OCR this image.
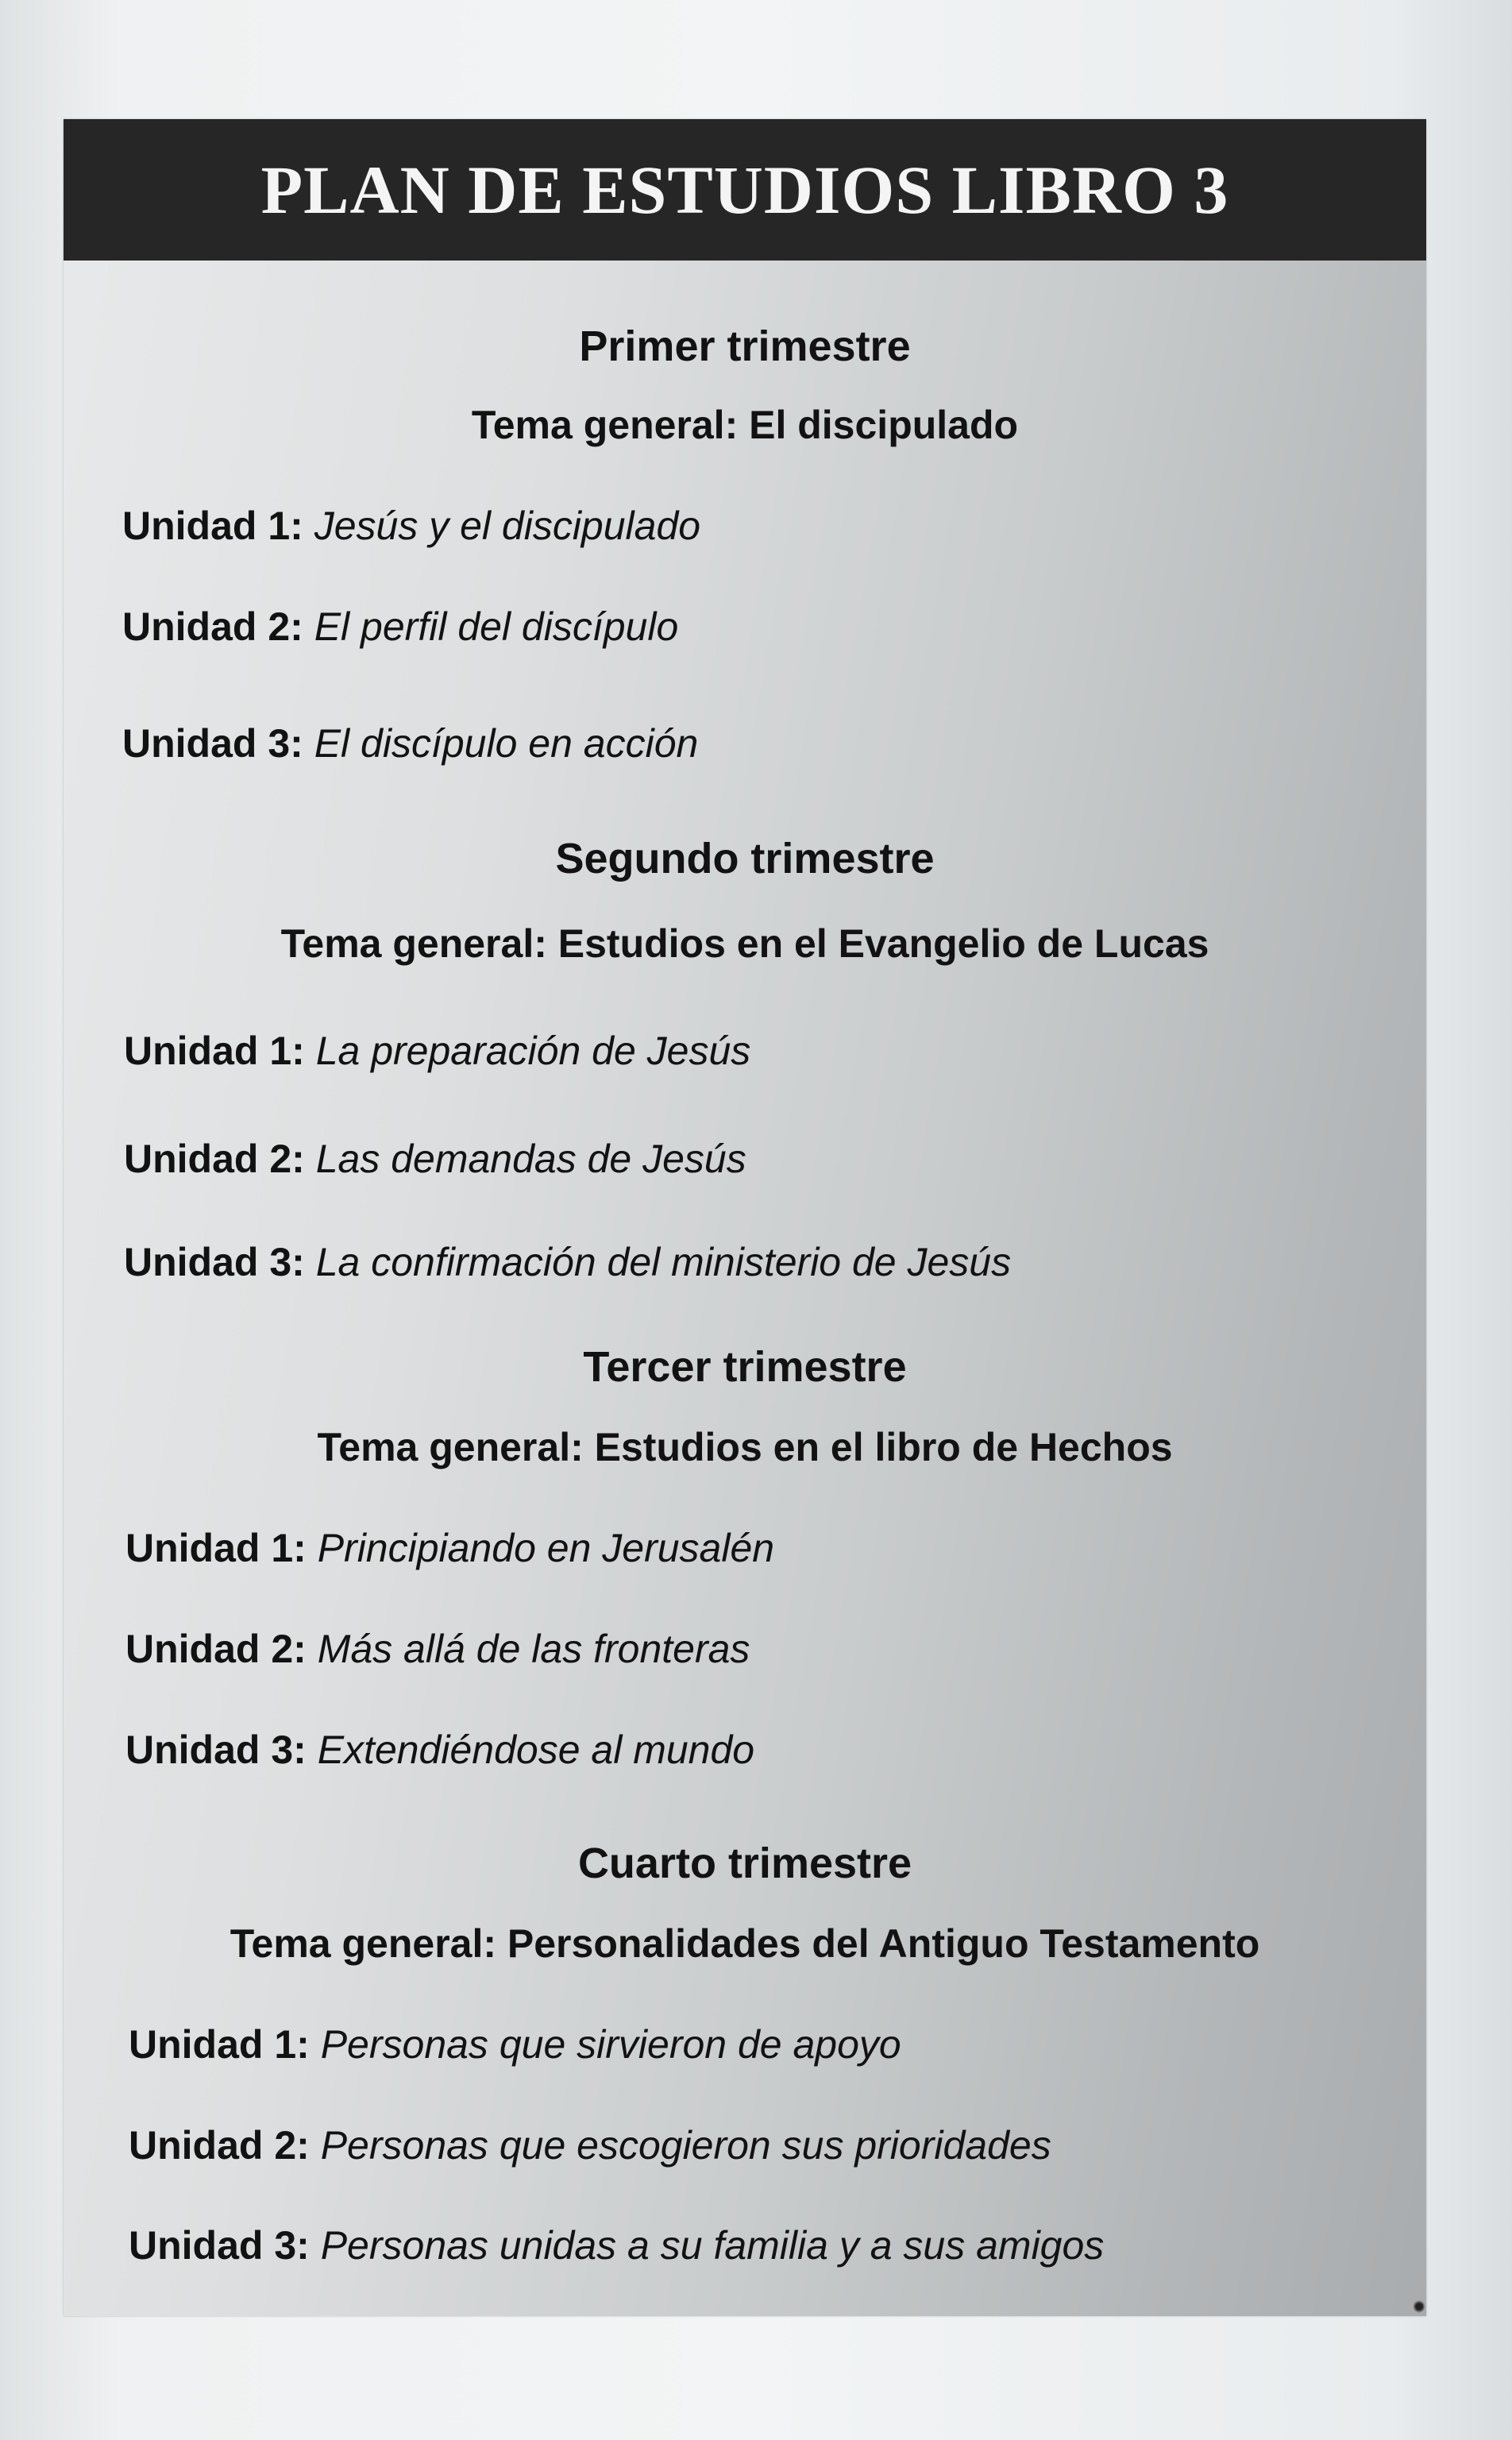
PLAN DE ESTUDIOS LIBRO 3
Primer trimestre
Tema general: El discipulado
Unidad 1: Jesús y el discipulado
Unidad 2: El perfil del discípulo
Unidad 3: El discípulo en acción
Segundo trimestre
Tema general: Estudios en el Evangelio de Lucas
Unidad 1: La preparación de Jesús
Unidad 2: Las demandas de Jesús
Unidad 3: La confirmación del ministerio de Jesús
Tercer trimestre
Tema general: Estudios en el libro de Hechos
Unidad 1: Principiando en Jerusalén
Unidad 2: Más allá de las fronteras
Unidad 3: Extendiéndose al mundo
Cuarto trimestre
Tema general: Personalidades del Antiguo Testamento
Unidad 1: Personas que sirvieron de apoyo
Unidad 2: Personas que escogieron sus prioridades
Unidad 3: Personas unidas a su familia y a sus amigos
